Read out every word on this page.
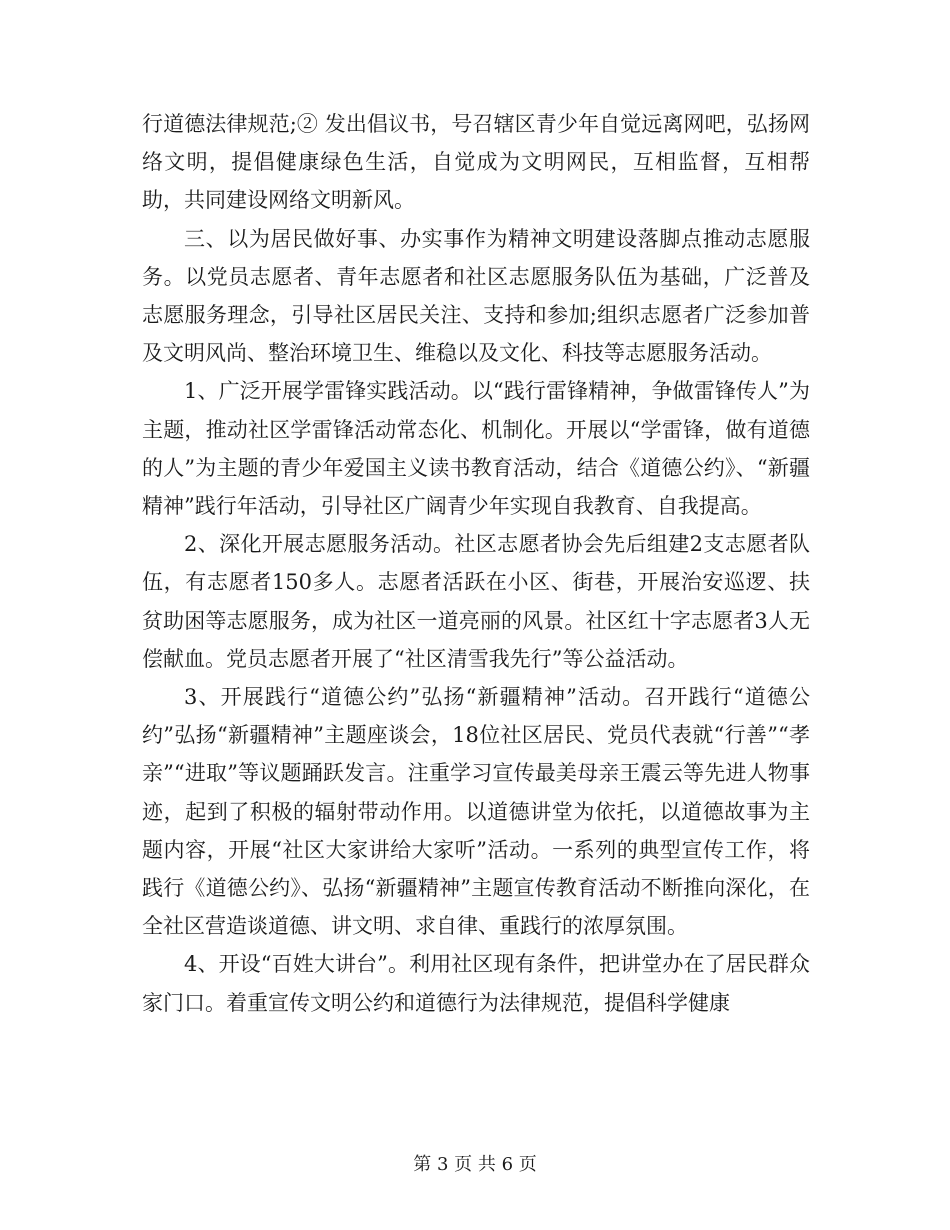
行道德法律规范;② 发出倡议书，号召辖区青少年自觉远离网吧，弘扬网络文明，提倡健康绿色生活，自觉成为文明网民，互相监督，互相帮助，共同建设网络文明新风。

三、以为居民做好事、办实事作为精神文明建设落脚点推动志愿服务。以党员志愿者、青年志愿者和社区志愿服务队伍为基础，广泛普及志愿服务理念，引导社区居民关注、支持和参加;组织志愿者广泛参加普及文明风尚、整治环境卫生、维稳以及文化、科技等志愿服务活动。

1、广泛开展学雷锋实践活动。以“践行雷锋精神，争做雷锋传人”为主题，推动社区学雷锋活动常态化、机制化。开展以“学雷锋，做有道德的人”为主题的青少年爱国主义读书教育活动，结合《道德公约》、“新疆精神”践行年活动，引导社区广阔青少年实现自我教育、自我提高。

2、深化开展志愿服务活动。社区志愿者协会先后组建2支志愿者队伍，有志愿者150多人。志愿者活跃在小区、街巷，开展治安巡逻、扶贫助困等志愿服务，成为社区一道亮丽的风景。社区红十字志愿者3人无偿献血。党员志愿者开展了“社区清雪我先行”等公益活动。

3、开展践行“道德公约”弘扬“新疆精神”活动。召开践行“道德公约”弘扬“新疆精神”主题座谈会，18位社区居民、党员代表就“行善”“孝亲”“进取”等议题踊跃发言。注重学习宣传最美母亲王震云等先进人物事迹，起到了积极的辐射带动作用。以道德讲堂为依托，以道德故事为主题内容，开展“社区大家讲给大家听”活动。一系列的典型宣传工作，将践行《道德公约》、弘扬“新疆精神”主题宣传教育活动不断推向深化，在全社区营造谈道德、讲文明、求自律、重践行的浓厚氛围。

4、开设“百姓大讲台”。利用社区现有条件，把讲堂办在了居民群众家门口。着重宣传文明公约和道德行为法律规范，提倡科学健康

第 3 页 共 6 页
